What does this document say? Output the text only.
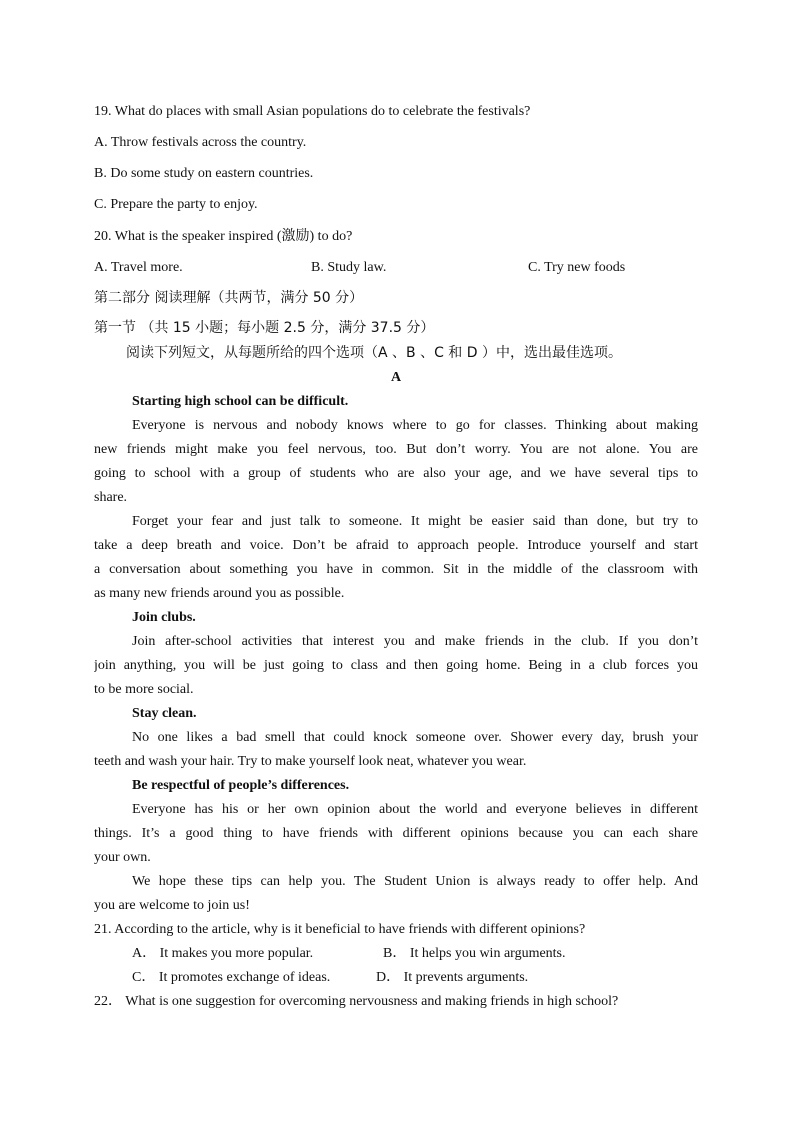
19. What do places with small Asian populations do to celebrate the festivals?
A. Throw festivals across the country.
B. Do some study on eastern countries.
C. Prepare the party to enjoy.
20. What is the speaker inspired (激励) to do?
A. Travel more.	B. Study law.	C. Try new foods
第二部分 阅读理解（共两节，满分 50 分）
第一节 （共 15 小题；每小题 2.5 分，满分 37.5 分）
阅读下列短文，从每题所给的四个选项（A 、B 、C 和 D ）中，选出最佳选项。
A
Starting high school can be difficult.
Everyone is nervous and nobody knows where to go for classes. Thinking about making
new friends might make you feel nervous, too. But don’t worry. You are not alone. You are
going to school with a group of students who are also your age, and we have several tips to
share.
Forget your fear and just talk to someone. It might be easier said than done, but try to
take a deep breath and voice. Don’t be afraid to approach people. Introduce yourself and start
a conversation about something you have in common. Sit in the middle of the classroom with
as many new friends around you as possible.
Join clubs.
Join after-school activities that interest you and make friends in the club. If you don’t
join anything, you will be just going to class and then going home. Being in a club forces you
to be more social.
Stay clean.
No one likes a bad smell that could knock someone over. Shower every day, brush your
teeth and wash your hair. Try to make yourself look neat, whatever you wear.
Be respectful of people’s differences.
Everyone has his or her own opinion about the world and everyone believes in different
things. It’s a good thing to have friends with different opinions because you can each share
your own.
We hope these tips can help you. The Student Union is always ready to offer help. And
you are welcome to join us!
21. According to the article, why is it beneficial to have friends with different opinions?
A． It makes you more popular.	B． It helps you win arguments.
C． It promotes exchange of ideas.	D． It prevents arguments.
22． What is one suggestion for overcoming nervousness and making friends in high school?
